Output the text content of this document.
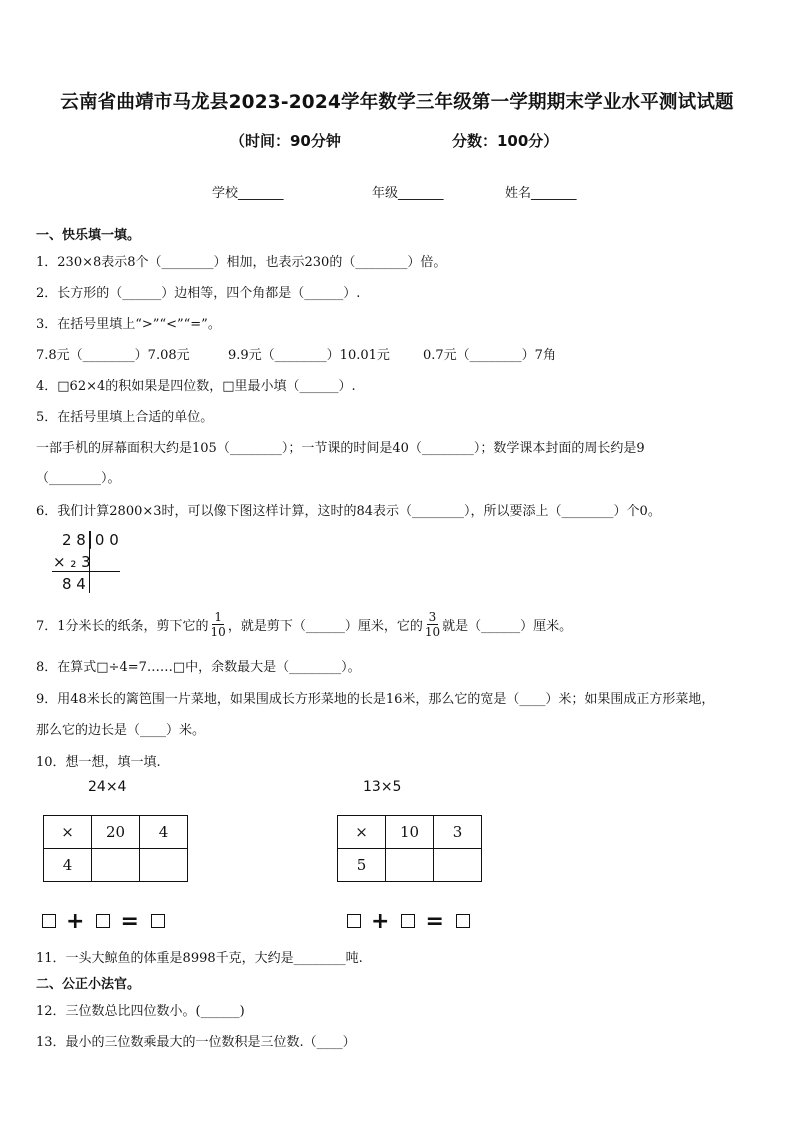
云南省曲靖市马龙县2023-2024学年数学三年级第一学期期末学业水平测试试题
（时间：90分钟	分数：100分）
学校_______	年级_______	姓名_______
一、快乐填一填。
1．230×8表示8个（________）相加，也表示230的（________）倍。
2．长方形的（______）边相等，四个角都是（______）.
3．在括号里填上“>”“<”“=”。
7.8元（________）7.08元	9.9元（________）10.01元	0.7元（________）7角
4．□62×4的积如果是四位数，□里最小填（______）.
5．在括号里填上合适的单位。
一部手机的屏幕面积大约是105（________）；一节课的时间是40（________）；数学课本封面的周长约是9
（________）。
6．我们计算2800×3时，可以像下图这样计算，这时的84表示（________），所以要添上（________）个0。
2 8│0 0
× ₂ 3
8 4
7．1分米长的纸条，剪下它的 $\frac{1}{10}$ ，就是剪下（______）厘米，它的 $\frac{3}{10}$ 就是（______）厘米。
8．在算式□÷4=7……□中，余数最大是（________）。
9．用48米长的篱笆围一片菜地，如果围成长方形菜地的长是16米，那么它的宽是（____）米；如果围成正方形菜地，
那么它的边长是（____）米。
10．想一想，填一填.
24×4
×	20	4
4		
13×5
×	10	3
5		
+ =	+ =
11．一头大鲸鱼的体重是8998千克，大约是________吨.
二、公正小法官。
12．三位数总比四位数小。(______)
13．最小的三位数乘最大的一位数积是三位数.（____）
